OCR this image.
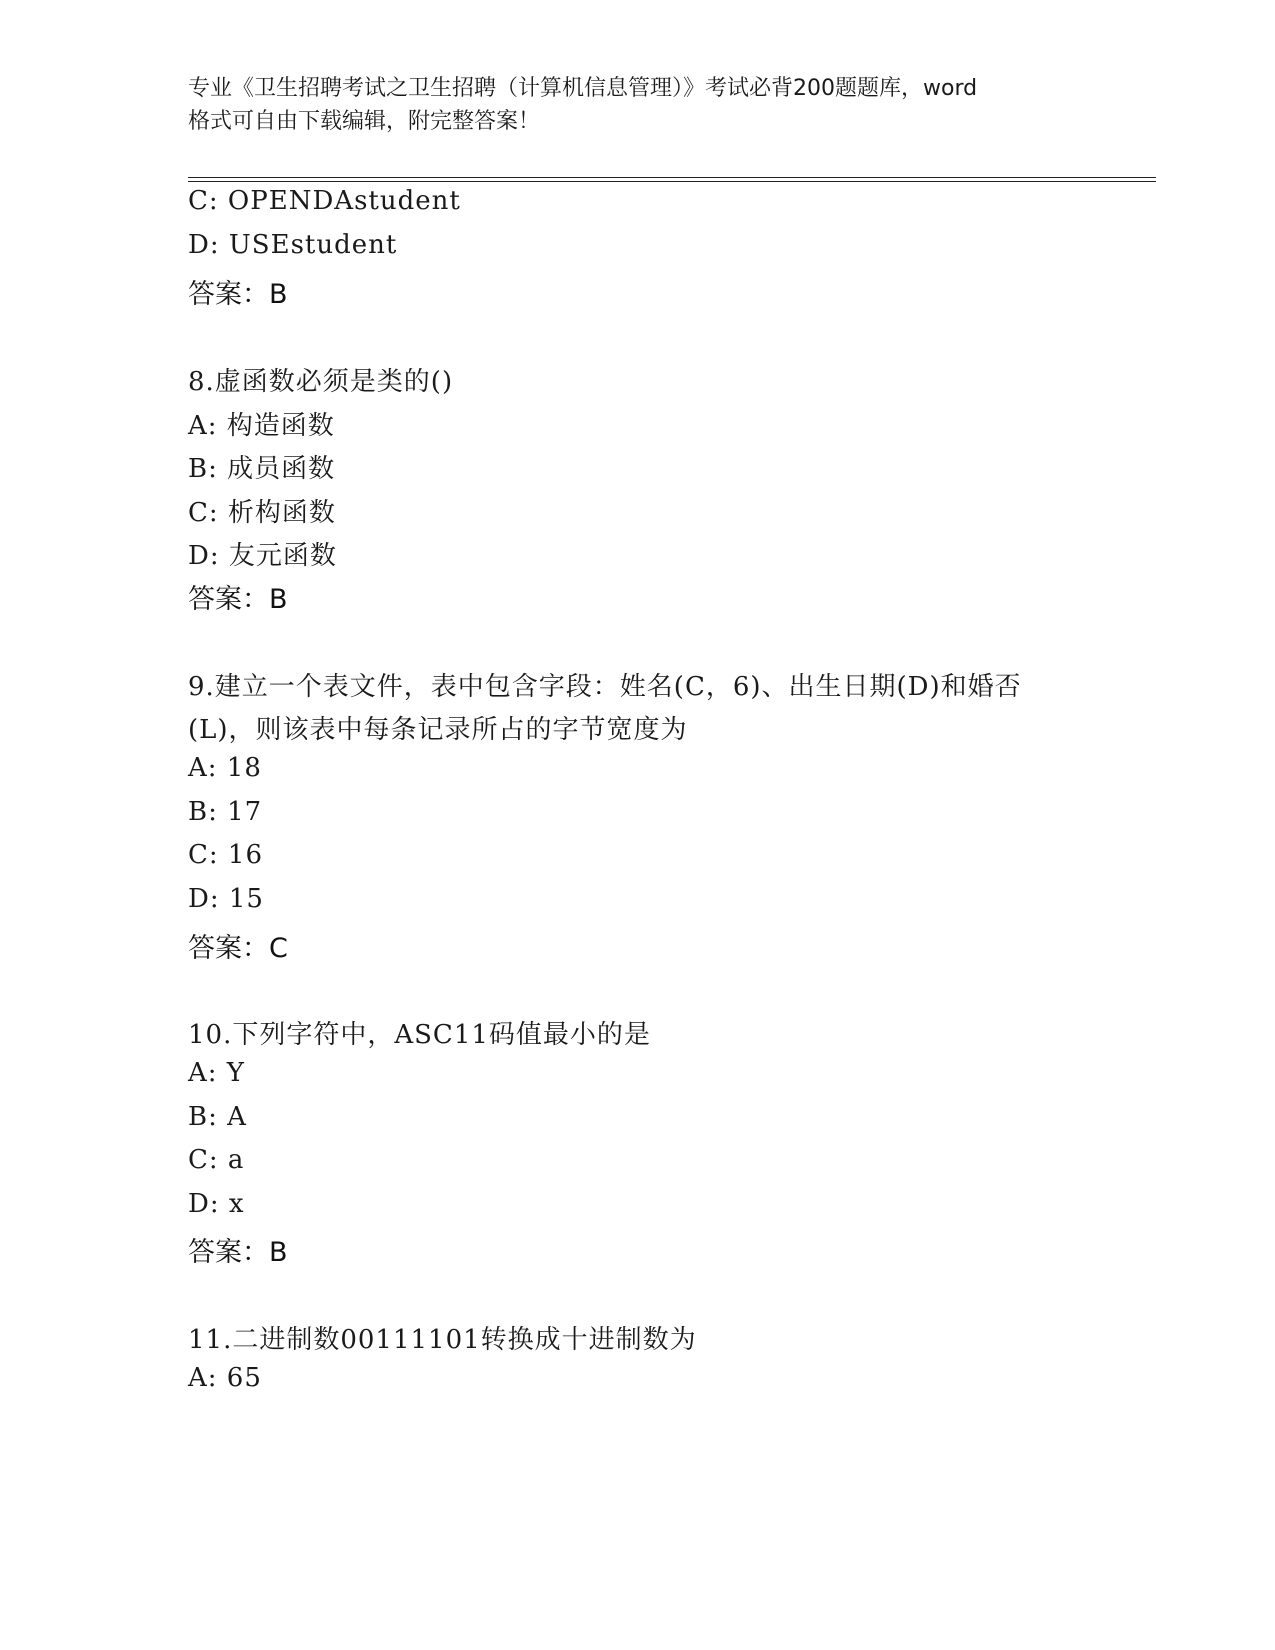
专业《卫生招聘考试之卫生招聘（计算机信息管理）》考试必背200题题库，word
格式可自由下载编辑，附完整答案！
C: OPENDAstudent
D: USEstudent
答案：B
8.虚函数必须是类的()
A: 构造函数
B: 成员函数
C: 析构函数
D: 友元函数
答案：B
9.建立一个表文件，表中包含字段：姓名(C，6)、出生日期(D)和婚否
(L)，则该表中每条记录所占的字节宽度为
A: 18
B: 17
C: 16
D: 15
答案：C
10.下列字符中，ASC11码值最小的是
A: Y
B: A
C: a
D: x
答案：B
11.二进制数00111101转换成十进制数为
A: 65
